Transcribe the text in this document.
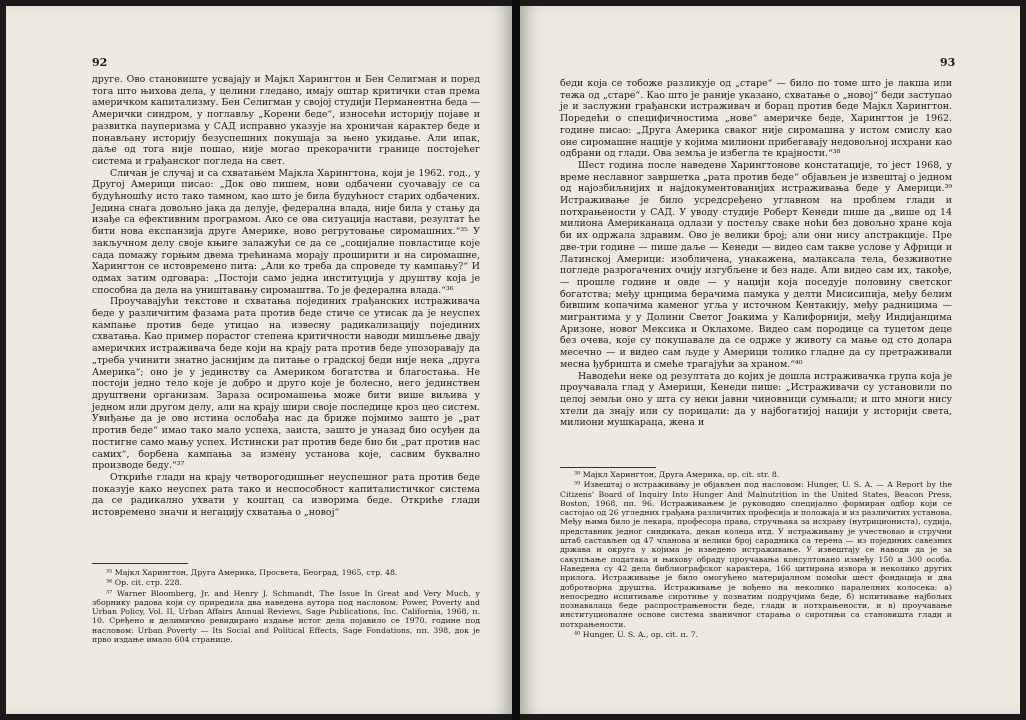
92

друге. Ово становиште усвајају и Мајкл Харингтон и Бен Селигман и поред тога што њихова дела, у целини гледано, имају оштар критички став према америчком капитализму. Бен Селигман у својој студији Перманентна беда — Амерички синдром, у поглављу „Корени беде“, износећи историју појаве и развитка пауперизма у САД исправно указује на хроничан карактер беде и понављану историју безуспешних покушаја за њено укидање. Али ипак, даље од тога није пошао, није могао прекорачити границе постојећег система и грађанског погледа на свет.

Сличан је случај и са схватањем Мајкла Харингтона, који је 1962. год., у Другој Америци писао: „Док ово пишем, нови одбачени суочавају се са будућношћу исто тако тамном, као што је била будућност старих одбачених. Једина снага довољно јака да делује, федерална влада, није била у стању да изађе са ефективним програмом. Ако се ова ситуација настави, резултат ће бити нова експанзија друге Америке, ново регрутовање сиромашних.“³⁵ У закључном делу своје књиге залажући се да се „социјалне повластице које сада помажу горњим двема трећинама морају проширити и на сиромашне, Харингтон се истовремено пита: „Али ко треба да спроведе ту кампању?“ И одмах затим одговара: „Постоји само једна институција у друштву која је способна да дела на уништавању сиромаштва. То је федерална влада.“³⁶

Проучавајући текстове и схватања појединих грађанских истраживача беде у различитим фазама рата против беде стиче се утисак да је неуспех кампање против беде утицао на извесну радикализацију појединих схватања. Као пример порастог степена критичности наводи мишљење двају америчких истраживача беде који на крају рата против беде упозоравају да „треба учинити знатно јаснијим да питање о градској беди није нека „друга Америка“; оно је у јединству са Америком богатства и благостања. Не постоји једно тело које је добро и друго које је болесно, него јединствен друштвени организам. Зараза осиромашења може бити више виљива у једном или другом делу, али на крају шири своје последице кроз цео систем. Увиђање да је ово истина ослобађа нас да бриже појмимо зашто је „рат против беде“ имао тако мало успеха, заиста, зашто је уназад био осуђен да постигне само мању успех. Истински рат против беде био би „рат против нас самих“, борбена кампања за измену установа које, сасвим буквално производе беду.“³⁷

Откриће глади на крају четворогодишњег неуспешног рата против беде показује како неуспех рата тако и неспособност капиталистичког система да се радикално ухвати у коштац са изворима беде. Откриће глади истовремено значи и негацију схватања о „новој“

³⁵ Мајкл Харингтон, Друга Америка, Просвета, Београд, 1965, стр. 48.

³⁶ Op. cit. стр. 228.

³⁷ Warner Bloomberg, Jr. and Henry J. Schmandt, The Issue In Great and Very Much, у зборнику радова који су приредила два наведена аутора под насловом: Power, Poverty and Urban Policy, Vol. II, Urban Affairs Annual Reviews, Sage Publications, Inc. California, 1968, п. 10. Сређено и делимично ревидирано издање истог дела појавило се 1970. године под насловом: Urban Poverty — Its Social and Political Effects, Sage Fondations, пп. 398, док је прво издање имало 604 странице.

93

беди која се тобоже разликује од „старе“ — било по томе што је лакша или тежа од „старе“. Као што је раније указано, схватање о „новој“ беди заступао је и заслужни грађански истраживач и борац против беде Мајкл Харингтон. Поредећи о специфичностима „нове“ америчке беде, Харингтон је 1962. године писао: „Друга Америка сваког није сиромашна у истом смислу као оне сиромашне нације у којима милиони прибегавају недовољној исхрани као одбрани од глади. Ова земља је избегла те крајности.“³⁸

Шест година после наведене Харингтонове констатације, то јест 1968, у време неславног завршетка „рата против беде“ објављен је извештај о једном од најозбиљнијих и најдокументованијих истраживања беде у Америци.³⁹ Истраживање је било усредсређено углавном на проблем глади и потхрањености у САД. У уводу студије Роберт Кенеди пише да „више од 14 милиона Американаца одлази у постељу сваке ноћи без довољно хране која би их одржала здравим. Ово је велики број; али они нису апстракције. Пре две-три године — пише даље — Кенеди — видео сам такве услове у Африци и Латинској Америци: изобличена, унакажена, малаксала тела, безживотне погледе разрогачених очију изгубљене и без наде. Али видео сам их, такође, — прошле године и овде — у нацији која поседује половину светског богатства; међу црнцима берачима памука у делти Мисисипија, међу белим бившим копачима каменог угља у источном Кентакију, међу радницима — мигрантима у у Долини Светог Јоакима у Калифорнији, међу Индијанцима Аризоне, новог Мексика и Оклахоме. Видео сам породице са туцетом деце без очева, које су покушавале да се одрже у животу са мање од сто долара месечно — и видео сам људе у Америци толико гладне да су претраживали месна ђубришта и смеће трагајући за храном.“⁴⁰

Наводећи неке од резултата до којих је дошла истраживачка група која је проучавала глад у Америци, Кенеди пише: „Истраживачи су установили по целој земљи оно у шта су неки јавни чиновници сумњали; и што многи нису хтели да знају или су порицали: да у најбогатијој нацији у историји света, милиони мушкараца, жена и

³⁸ Мајкл Харингтон, Друга Америка, op. cit. str. 8.

³⁹ Извештај о истраживању је објављен под насловом: Hunger, U. S. A. — A Report by the Citizens' Board of Inquiry Into Hunger And Malnutrition in the United States, Beacon Press, Boston, 1968, пп. 96. Истраживањем је руководио специјално формиран одбор који се састојао од 26 угледних грађана различитих професија и положаја и из различитих установа. Међу њима било је лекара, професора права, стручњака за исхрану (нутриционистa), судија, представник једног синдиката, декан колеџа итд. У истраживању је учествовао и стручни штаб састављен од 47 чланова и велики број сарадника са терена — из појединих савезних држава и округа у којима је изведено истраживање. У извештају се наводи да је за сакупљање података и њихову обраду проучавањa консултовано између 150 и 300 особа. Наведена су 42 дела библиографског карактера, 166 цитирана извора и неколико других прилога. Истраживање је било омогућено материјалном помоћи шест фондација и два добротворна друштва. Истраживање је вођено на неколико паралелних колосека: а) непосредно испитивање сиротиње у познатим подручјима беде, б) испитивање најбољих познавалаца беде распрострањености беде, глади и потхрањености, и в) проучавање институционалне основе система званичног старања о сиротињи са становишта глади и потхрањености.

⁴⁰ Hunger, U. S. A., op. cit. п. 7.
